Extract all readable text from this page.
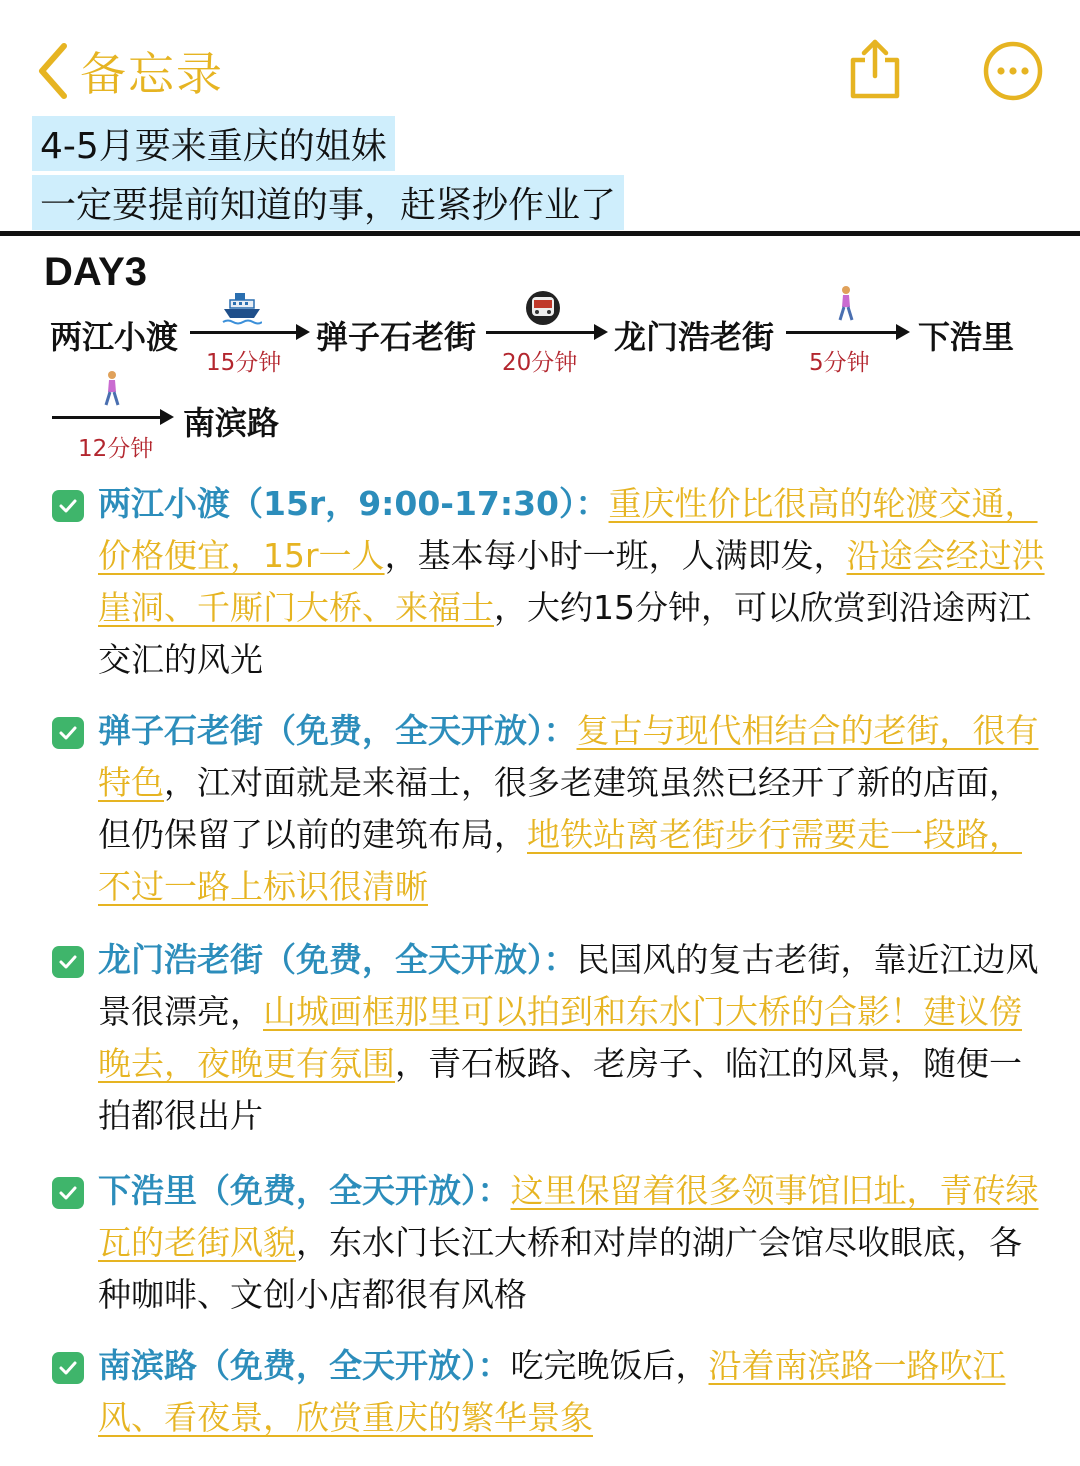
备忘录
4-5月要来重庆的姐妹
一定要提前知道的事，赶紧抄作业了
DAY3
两江小渡	弹子石老街	龙门浩老街	下浩里
南滨路
15分钟	20分钟	5分钟
12分钟
两江小渡（15r，9:00-17:30）：重庆性价比很高的轮渡交通，价格便宜，15r一人，基本每小时一班，人满即发，沿途会经过洪崖洞、千厮门大桥、来福士，大约15分钟，可以欣赏到沿途两江交汇的风光
弹子石老街（免费，全天开放）：复古与现代相结合的老街，很有特色，江对面就是来福士，很多老建筑虽然已经开了新的店面，但仍保留了以前的建筑布局，地铁站离老街步行需要走一段路，不过一路上标识很清晰
龙门浩老街（免费，全天开放）：民国风的复古老街，靠近江边风景很漂亮，山城画框那里可以拍到和东水门大桥的合影！建议傍晚去，夜晚更有氛围，青石板路、老房子、临江的风景，随便一拍都很出片
下浩里（免费，全天开放）：这里保留着很多领事馆旧址，青砖绿瓦的老街风貌，东水门长江大桥和对岸的湖广会馆尽收眼底，各种咖啡、文创小店都很有风格
南滨路（免费，全天开放）：吃完晚饭后，沿着南滨路一路吹江风、看夜景，欣赏重庆的繁华景象
